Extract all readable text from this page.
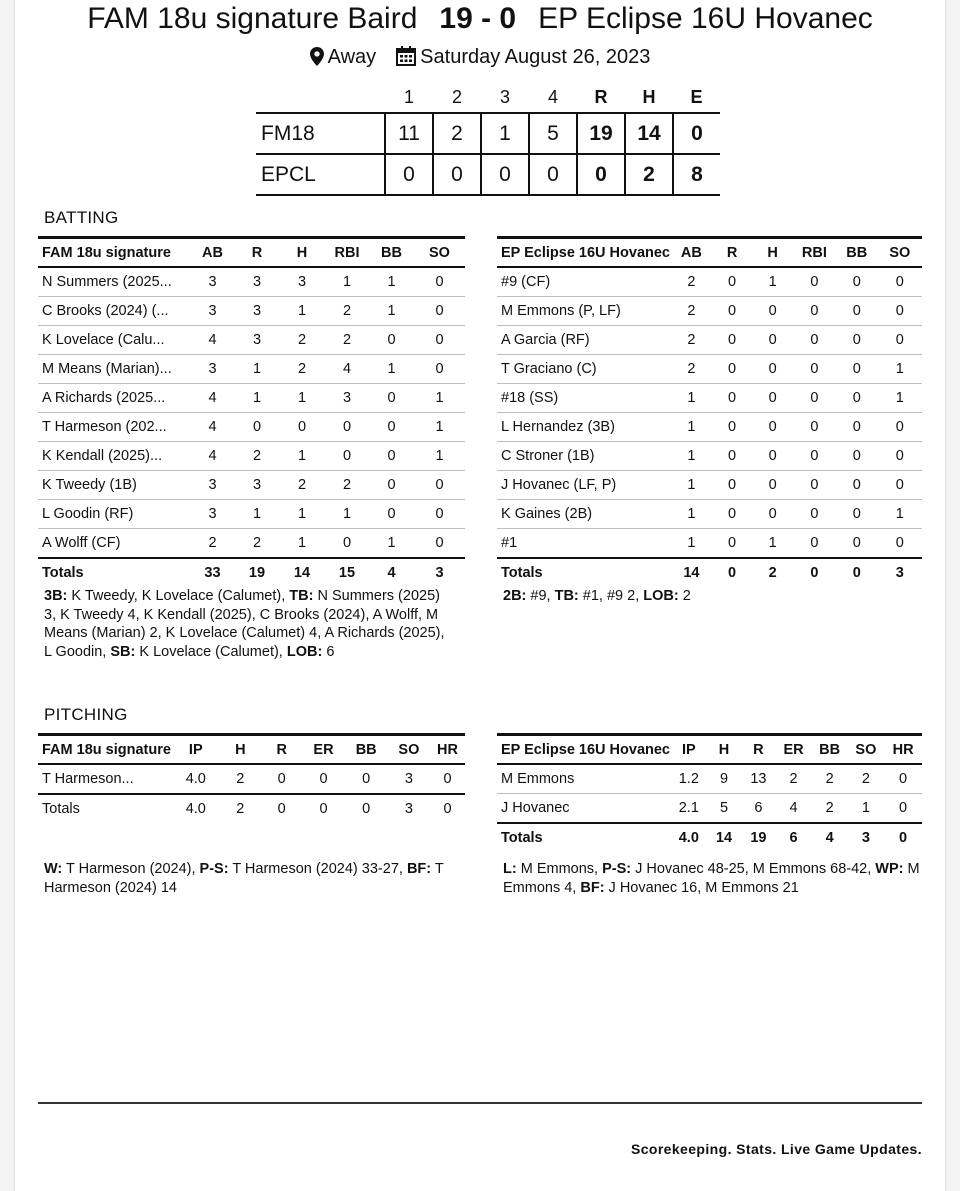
FAM 18u signature Baird 19 - 0 EP Eclipse 16U Hovanec
Away Saturday August 26, 2023
	1	2	3	4	R	H	E
FM18	11	2	1	5	19	14	0
EPCL	0	0	0	0	0	2	8
BATTING
PITCHING
FAM 18u signature	AB	R	H	RBI	BB	SO
N Summers (2025...	3	3	3	1	1	0
C Brooks (2024) (...	3	3	1	2	1	0
K Lovelace (Calu...	4	3	2	2	0	0
M Means (Marian)...	3	1	2	4	1	0
A Richards (2025...	4	1	1	3	0	1
T Harmeson (202...	4	0	0	0	0	1
K Kendall (2025)...	4	2	1	0	0	1
K Tweedy (1B)	3	3	2	2	0	0
L Goodin (RF)	3	1	1	1	0	0
A Wolff (CF)	2	2	1	0	1	0
Totals	33	19	14	15	4	3
EP Eclipse 16U Hovanec	AB	R	H	RBI	BB	SO
#9 (CF)	2	0	1	0	0	0
M Emmons (P, LF)	2	0	0	0	0	0
A Garcia (RF)	2	0	0	0	0	0
T Graciano (C)	2	0	0	0	0	1
#18 (SS)	1	0	0	0	0	1
L Hernandez (3B)	1	0	0	0	0	0
C Stroner (1B)	1	0	0	0	0	0
J Hovanec (LF, P)	1	0	0	0	0	0
K Gaines (2B)	1	0	0	0	0	1
#1	1	0	1	0	0	0
Totals	14	0	2	0	0	3
FAM 18u signature	IP	H	R	ER	BB	SO	HR
T Harmeson...	4.0	2	0	0	0	3	0
Totals	4.0	2	0	0	0	3	0
EP Eclipse 16U Hovanec	IP	H	R	ER	BB	SO	HR
M Emmons	1.2	9	13	2	2	2	0
J Hovanec	2.1	5	6	4	2	1	0
Totals	4.0	14	19	6	4	3	0
3B: K Tweedy, K Lovelace (Calumet), TB: N Summers (2025) 3, K Tweedy 4, K Kendall (2025), C Brooks (2024), A Wolff, M Means (Marian) 2, K Lovelace (Calumet) 4, A Richards (2025), L Goodin, SB: K Lovelace (Calumet), LOB: 6
2B: #9, TB: #1, #9 2, LOB: 2
W: T Harmeson (2024), P-S: T Harmeson (2024) 33-27, BF: T Harmeson (2024) 14
L: M Emmons, P-S: J Hovanec 48-25, M Emmons 68-42, WP: M Emmons 4, BF: J Hovanec 16, M Emmons 21
Scorekeeping. Stats. Live Game Updates.
